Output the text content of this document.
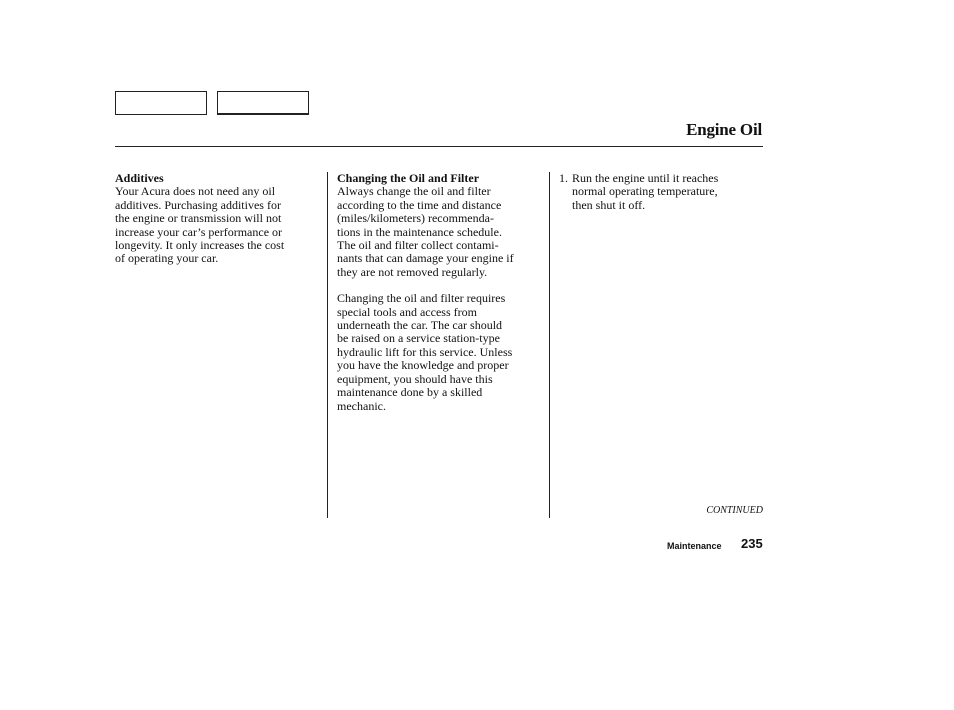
Engine Oil

Additives

Your Acura does not need any oil

additives. Purchasing additives for

the engine or transmission will not

increase your car’s performance or

longevity. It only increases the cost

of operating your car.

Changing the Oil and Filter

Always change the oil and filter

according to the time and distance

(miles/kilometers) recommenda-

tions in the maintenance schedule.

The oil and filter collect contami-

nants that can damage your engine if

they are not removed regularly.

Changing the oil and filter requires

special tools and access from

underneath the car. The car should

be raised on a service station-type

hydraulic lift for this service. Unless

you have the knowledge and proper

equipment, you should have this

maintenance done by a skilled

mechanic.

1. Run the engine until it reaches

normal operating temperature,

then shut it off.

CONTINUED
Maintenance 235
